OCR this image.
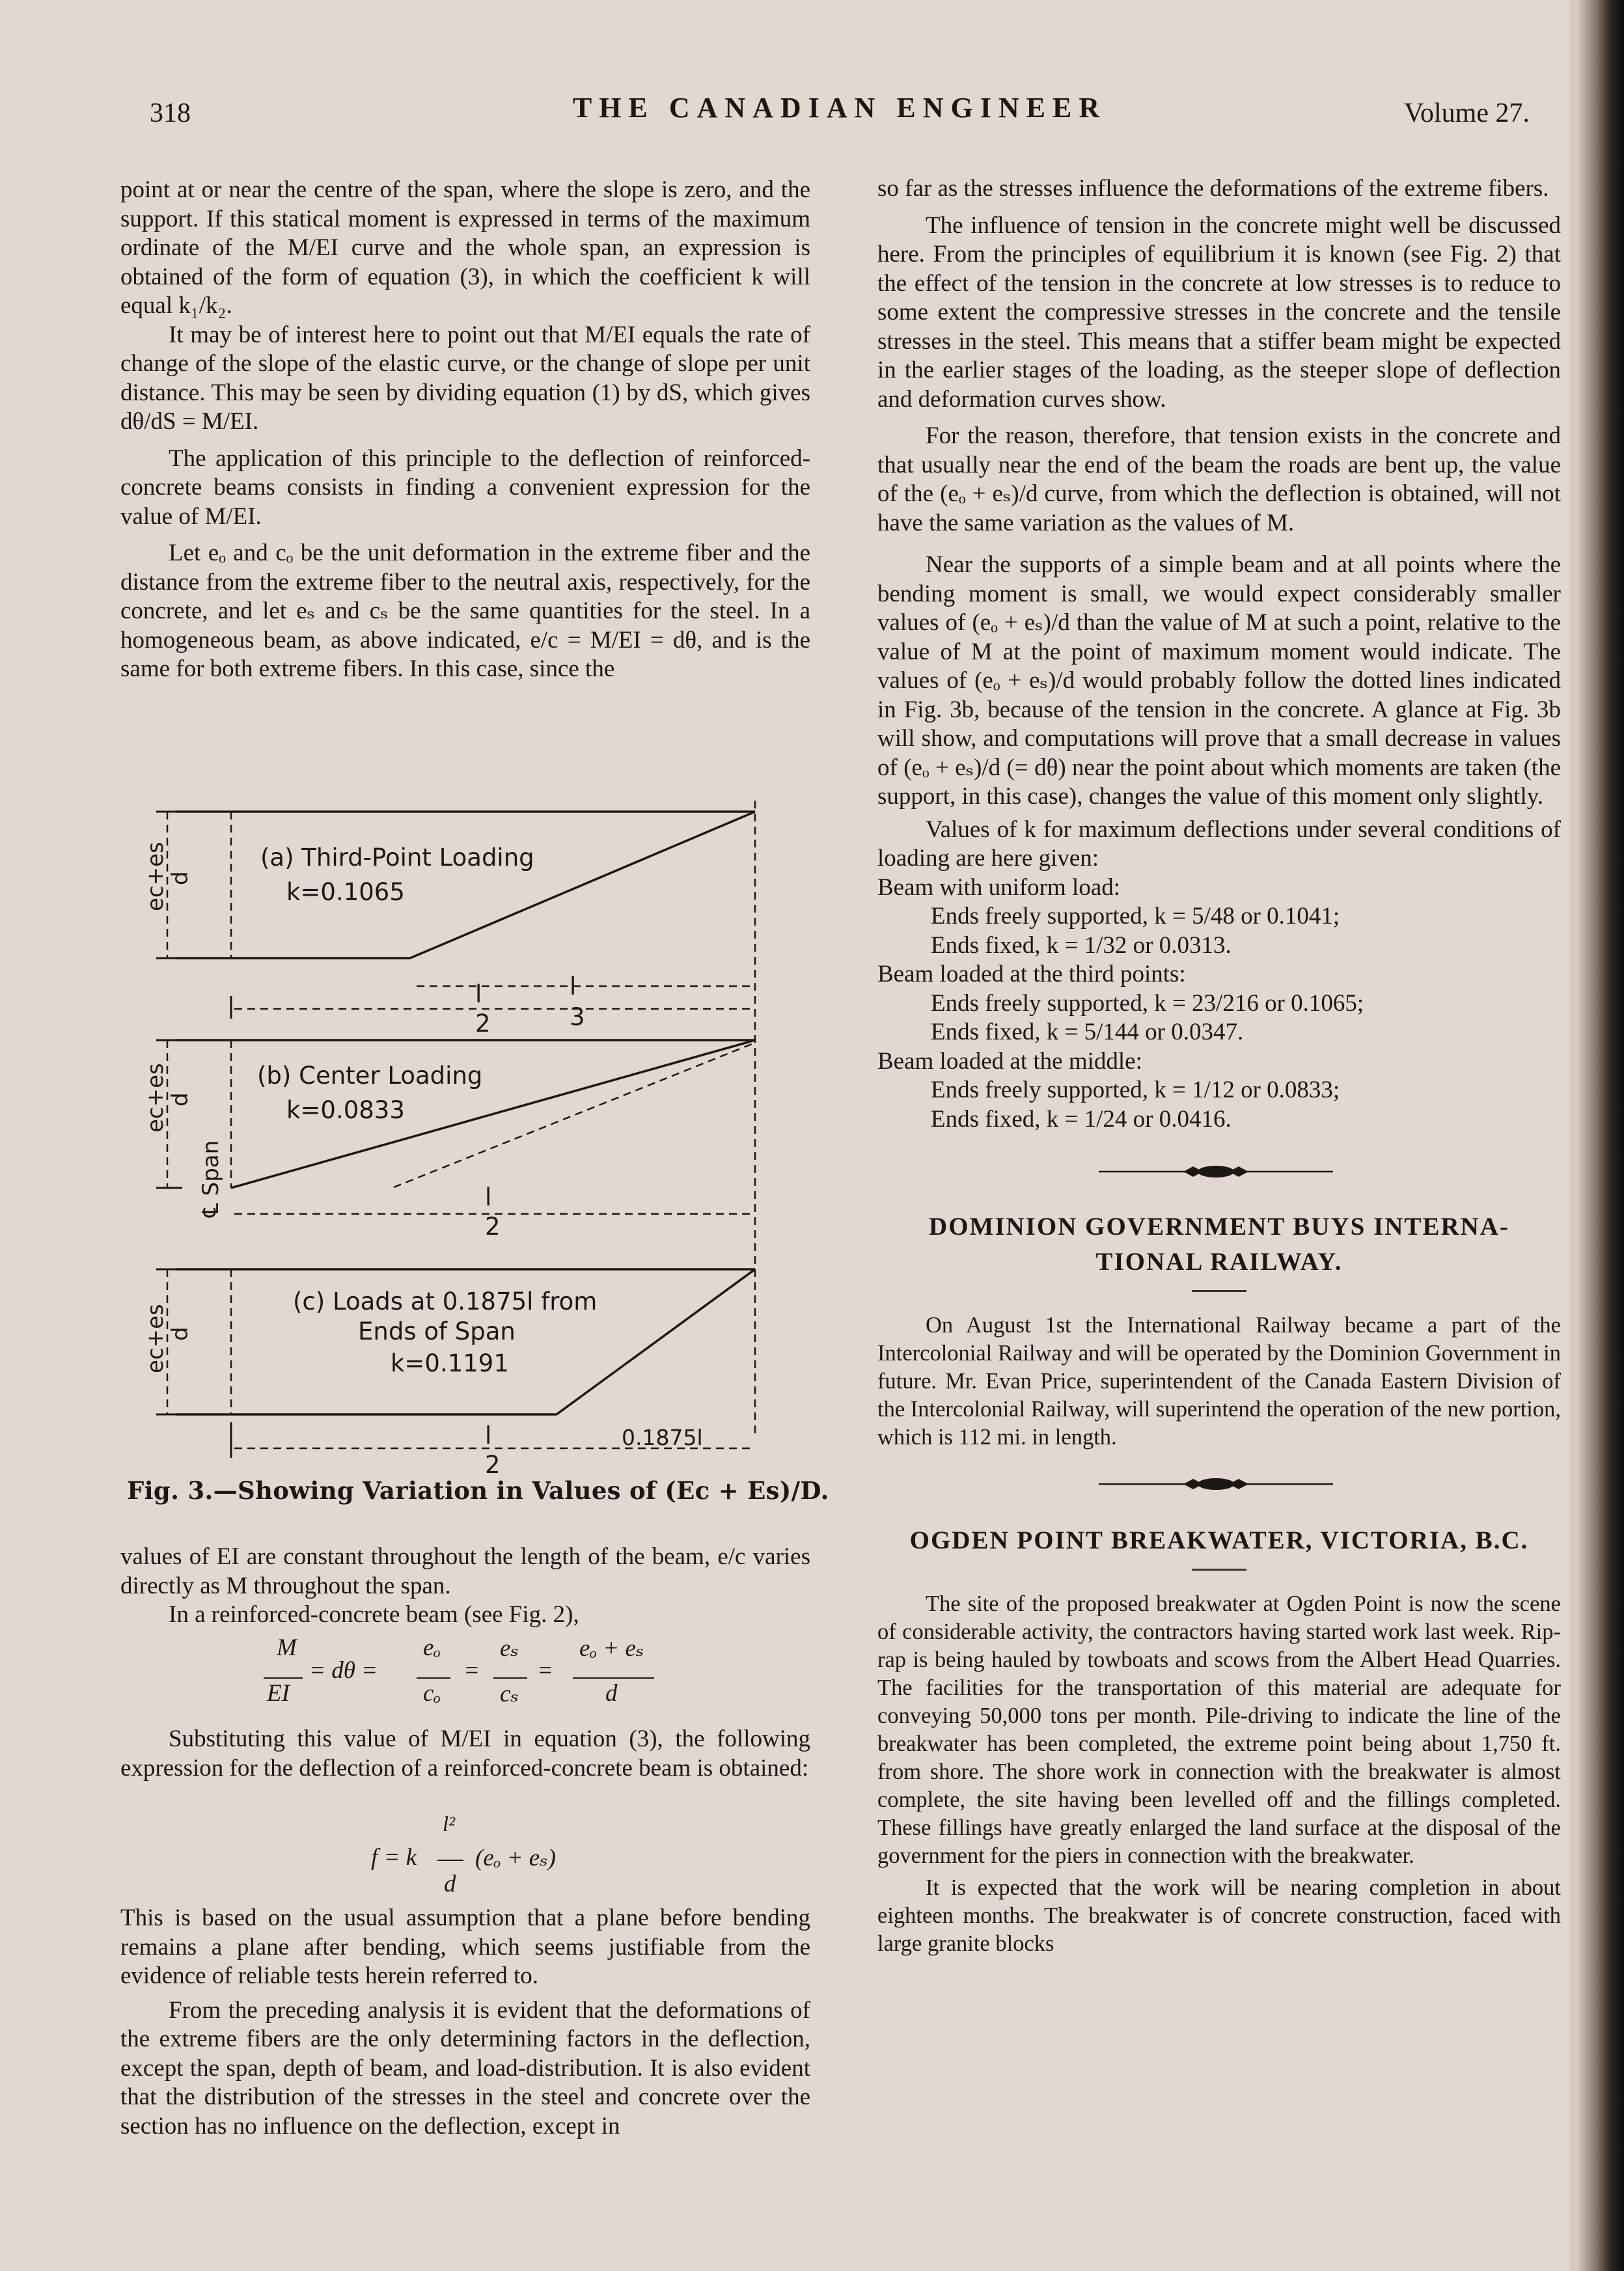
318	THE CANADIAN ENGINEER	Volume 27.

point at or near the centre of the span, where the slope is zero, and the support. If this statical moment is expressed in terms of the maximum ordinate of the M/EI curve and the whole span, an expression is obtained of the form of equation (3), in which the coefficient k will equal k₁/k₂.

It may be of interest here to point out that M/EI equals the rate of change of the slope of the elastic curve, or the change of slope per unit distance. This may be seen by dividing equation (1) by dS, which gives dθ/dS = M/EI.

The application of this principle to the deflection of reinforced-concrete beams consists in finding a convenient expression for the value of M/EI.

Let eₒ and cₒ be the unit deformation in the extreme fiber and the distance from the extreme fiber to the neutral axis, respectively, for the concrete, and let eₛ and cₛ be the same quantities for the steel. In a homogeneous beam, as above indicated, e/c = M/EI = dθ, and is the same for both extreme fibers. In this case, since the

(a) Third-Point Loading
k=0.1065
(b) Center Loading
k=0.0833
(c) Loads at 0.1875l from
Ends of Span
k=0.1191
l
3
l
2
l
2
l
2
0.1875l
ec+es
d
ec+es
d
℄ Span
ec+es
d
Fig. 3.—Showing Variation in Values of (Ec + Es)/D.

values of EI are constant throughout the length of the beam, e/c varies directly as M throughout the span.

In a reinforced-concrete beam (see Fig. 2),

M
EI
= dθ =
eₒ
cₒ
=
eₛ
cₛ
=
eₒ + eₛ
d

Substituting this value of M/EI in equation (3), the following expression for the deflection of a reinforced-concrete beam is obtained:

l²
f = k (eₒ + eₛ)
d

This is based on the usual assumption that a plane before bending remains a plane after bending, which seems justifiable from the evidence of reliable tests herein referred to.

From the preceding analysis it is evident that the deformations of the extreme fibers are the only determining factors in the deflection, except the span, depth of beam, and load-distribution. It is also evident that the distribution of the stresses in the steel and concrete over the section has no influence on the deflection, except in

so far as the stresses influence the deformations of the extreme fibers.

The influence of tension in the concrete might well be discussed here. From the principles of equilibrium it is known (see Fig. 2) that the effect of the tension in the concrete at low stresses is to reduce to some extent the compressive stresses in the concrete and the tensile stresses in the steel. This means that a stiffer beam might be expected in the earlier stages of the loading, as the steeper slope of deflection and deformation curves show.

For the reason, therefore, that tension exists in the concrete and that usually near the end of the beam the roads are bent up, the value of the (eₒ + eₛ)/d curve, from which the deflection is obtained, will not have the same variation as the values of M.

Near the supports of a simple beam and at all points where the bending moment is small, we would expect considerably smaller values of (eₒ + eₛ)/d than the value of M at such a point, relative to the value of M at the point of maximum moment would indicate. The values of (eₒ + eₛ)/d would probably follow the dotted lines indicated in Fig. 3b, because of the tension in the concrete. A glance at Fig. 3b will show, and computations will prove that a small decrease in values of (eₒ + eₛ)/d (= dθ) near the point about which moments are taken (the support, in this case), changes the value of this moment only slightly.

Values of k for maximum deflections under several conditions of loading are here given:

Beam with uniform load:

Ends freely supported, k = 5/48 or 0.1041;

Ends fixed, k = 1/32 or 0.0313.

Beam loaded at the third points:

Ends freely supported, k = 23/216 or 0.1065;

Ends fixed, k = 5/144 or 0.0347.

Beam loaded at the middle:

Ends freely supported, k = 1/12 or 0.0833;

Ends fixed, k = 1/24 or 0.0416.

DOMINION GOVERNMENT BUYS INTERNA-

TIONAL RAILWAY.

On August 1st the International Railway became a part of the Intercolonial Railway and will be operated by the Dominion Government in future. Mr. Evan Price, superintendent of the Canada Eastern Division of the Intercolonial Railway, will superintend the operation of the new portion, which is 112 mi. in length.

OGDEN POINT BREAKWATER, VICTORIA, B.C.

The site of the proposed breakwater at Ogden Point is now the scene of considerable activity, the contractors having started work last week. Rip-rap is being hauled by towboats and scows from the Albert Head Quarries. The facilities for the transportation of this material are adequate for conveying 50,000 tons per month. Pile-driving to indicate the line of the breakwater has been completed, the extreme point being about 1,750 ft. from shore. The shore work in connection with the breakwater is almost complete, the site having been levelled off and the fillings completed. These fillings have greatly enlarged the land surface at the disposal of the government for the piers in connection with the breakwater.

It is expected that the work will be nearing completion in about eighteen months. The breakwater is of concrete construction, faced with large granite blocks
